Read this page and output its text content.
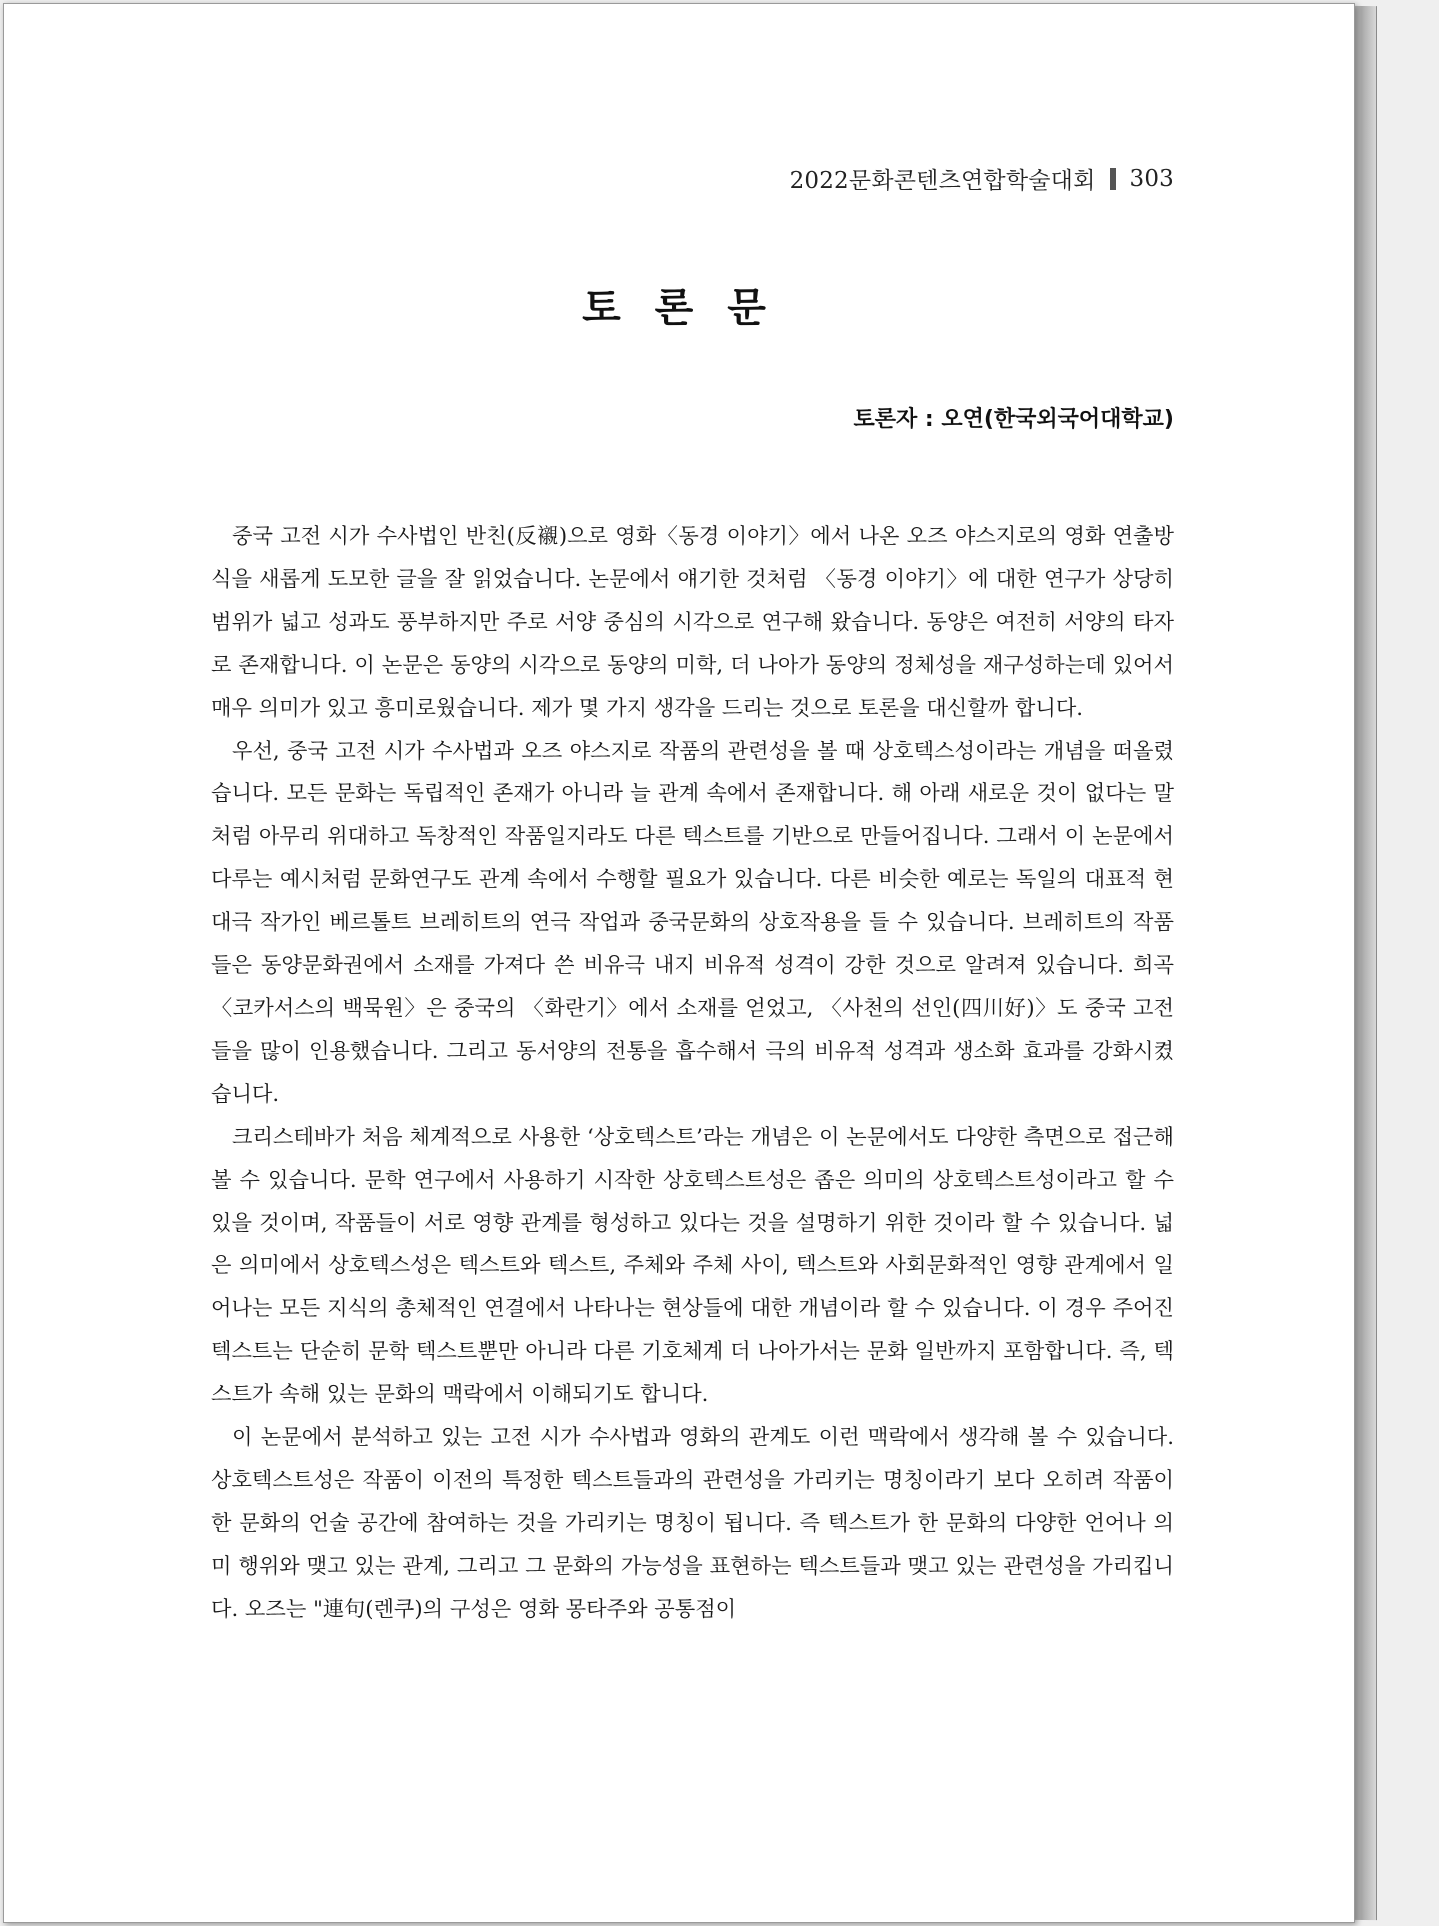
2022문화콘텐츠연합학술대회 303
토 론 문
토론자 : 오연(한국외국어대학교)

중국 고전 시가 수사법인 반친(反襯)으로 영화〈동경 이야기〉에서 나온 오즈 야스지로의 영화 연출방식을 새롭게 도모한 글을 잘 읽었습니다. 논문에서 얘기한 것처럼 〈동경 이야기〉에 대한 연구가 상당히 범위가 넓고 성과도 풍부하지만 주로 서양 중심의 시각으로 연구해 왔습니다. 동양은 여전히 서양의 타자로 존재합니다. 이 논문은 동양의 시각으로 동양의 미학, 더 나아가 동양의 정체성을 재구성하는데 있어서 매우 의미가 있고 흥미로웠습니다. 제가 몇 가지 생각을 드리는 것으로 토론을 대신할까 합니다.

우선, 중국 고전 시가 수사법과 오즈 야스지로 작품의 관련성을 볼 때 상호텍스성이라는 개념을 떠올렸습니다. 모든 문화는 독립적인 존재가 아니라 늘 관계 속에서 존재합니다. 해 아래 새로운 것이 없다는 말처럼 아무리 위대하고 독창적인 작품일지라도 다른 텍스트를 기반으로 만들어집니다. 그래서 이 논문에서 다루는 예시처럼 문화연구도 관계 속에서 수행할 필요가 있습니다. 다른 비슷한 예로는 독일의 대표적 현대극 작가인 베르톨트 브레히트의 연극 작업과 중국문화의 상호작용을 들 수 있습니다. 브레히트의 작품들은 동양문화권에서 소재를 가져다 쓴 비유극 내지 비유적 성격이 강한 것으로 알려져 있습니다. 희곡 〈코카서스의 백묵원〉은 중국의 〈화란기〉에서 소재를 얻었고, 〈사천의 선인(四川好)〉도 중국 고전들을 많이 인용했습니다. 그리고 동서양의 전통을 흡수해서 극의 비유적 성격과 생소화 효과를 강화시켰습니다.

크리스테바가 처음 체계적으로 사용한 ‘상호텍스트’라는 개념은 이 논문에서도 다양한 측면으로 접근해 볼 수 있습니다. 문학 연구에서 사용하기 시작한 상호텍스트성은 좁은 의미의 상호텍스트성이라고 할 수 있을 것이며, 작품들이 서로 영향 관계를 형성하고 있다는 것을 설명하기 위한 것이라 할 수 있습니다. 넓은 의미에서 상호텍스성은 텍스트와 텍스트, 주체와 주체 사이, 텍스트와 사회문화적인 영향 관계에서 일어나는 모든 지식의 총체적인 연결에서 나타나는 현상들에 대한 개념이라 할 수 있습니다. 이 경우 주어진 텍스트는 단순히 문학 텍스트뿐만 아니라 다른 기호체계 더 나아가서는 문화 일반까지 포함합니다. 즉, 텍스트가 속해 있는 문화의 맥락에서 이해되기도 합니다.

이 논문에서 분석하고 있는 고전 시가 수사법과 영화의 관계도 이런 맥락에서 생각해 볼 수 있습니다. 상호텍스트성은 작품이 이전의 특정한 텍스트들과의 관련성을 가리키는 명칭이라기 보다 오히려 작품이 한 문화의 언술 공간에 참여하는 것을 가리키는 명칭이 됩니다. 즉 텍스트가 한 문화의 다양한 언어나 의미 행위와 맺고 있는 관계, 그리고 그 문화의 가능성을 표현하는 텍스트들과 맺고 있는 관련성을 가리킵니다. 오즈는 "連句(렌쿠)의 구성은 영화 몽타주와 공통점이
